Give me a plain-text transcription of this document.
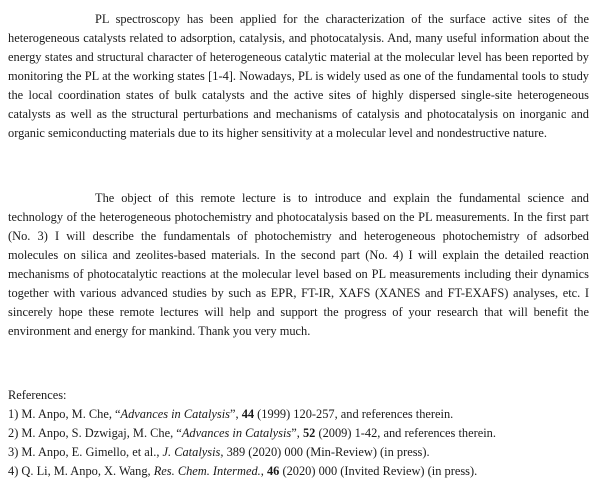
PL spectroscopy has been applied for the characterization of the surface active sites of the heterogeneous catalysts related to adsorption, catalysis, and photocatalysis. And, many useful information about the energy states and structural character of heterogeneous catalytic material at the molecular level has been reported by monitoring the PL at the working states [1-4]. Nowadays, PL is widely used as one of the fundamental tools to study the local coordination states of bulk catalysts and the active sites of highly dispersed single-site heterogeneous catalysts as well as the structural perturbations and mechanisms of catalysis and photocatalysis on inorganic and organic semiconducting materials due to its higher sensitivity at a molecular level and nondestructive nature.

The object of this remote lecture is to introduce and explain the fundamental science and technology of the heterogeneous photochemistry and photocatalysis based on the PL measurements. In the first part (No. 3) I will describe the fundamentals of photochemistry and heterogeneous photochemistry of adsorbed molecules on silica and zeolites-based materials. In the second part (No. 4) I will explain the detailed reaction mechanisms of photocatalytic reactions at the molecular level based on PL measurements including their dynamics together with various advanced studies by such as EPR, FT-IR, XAFS (XANES and FT-EXAFS) analyses, etc. I sincerely hope these remote lectures will help and support the progress of your research that will benefit the environment and energy for mankind. Thank you very much.

References:

1) M. Anpo, M. Che, “Advances in Catalysis”, 44 (1999) 120-257, and references therein.
2) M. Anpo, S. Dzwigaj, M. Che, “Advances in Catalysis”, 52 (2009) 1-42, and references therein.
3) M. Anpo, E. Gimello, et al., J. Catalysis, 389 (2020) 000 (Min-Review) (in press).
4) Q. Li, M. Anpo, X. Wang, Res. Chem. Intermed., 46 (2020) 000 (Invited Review) (in press).
